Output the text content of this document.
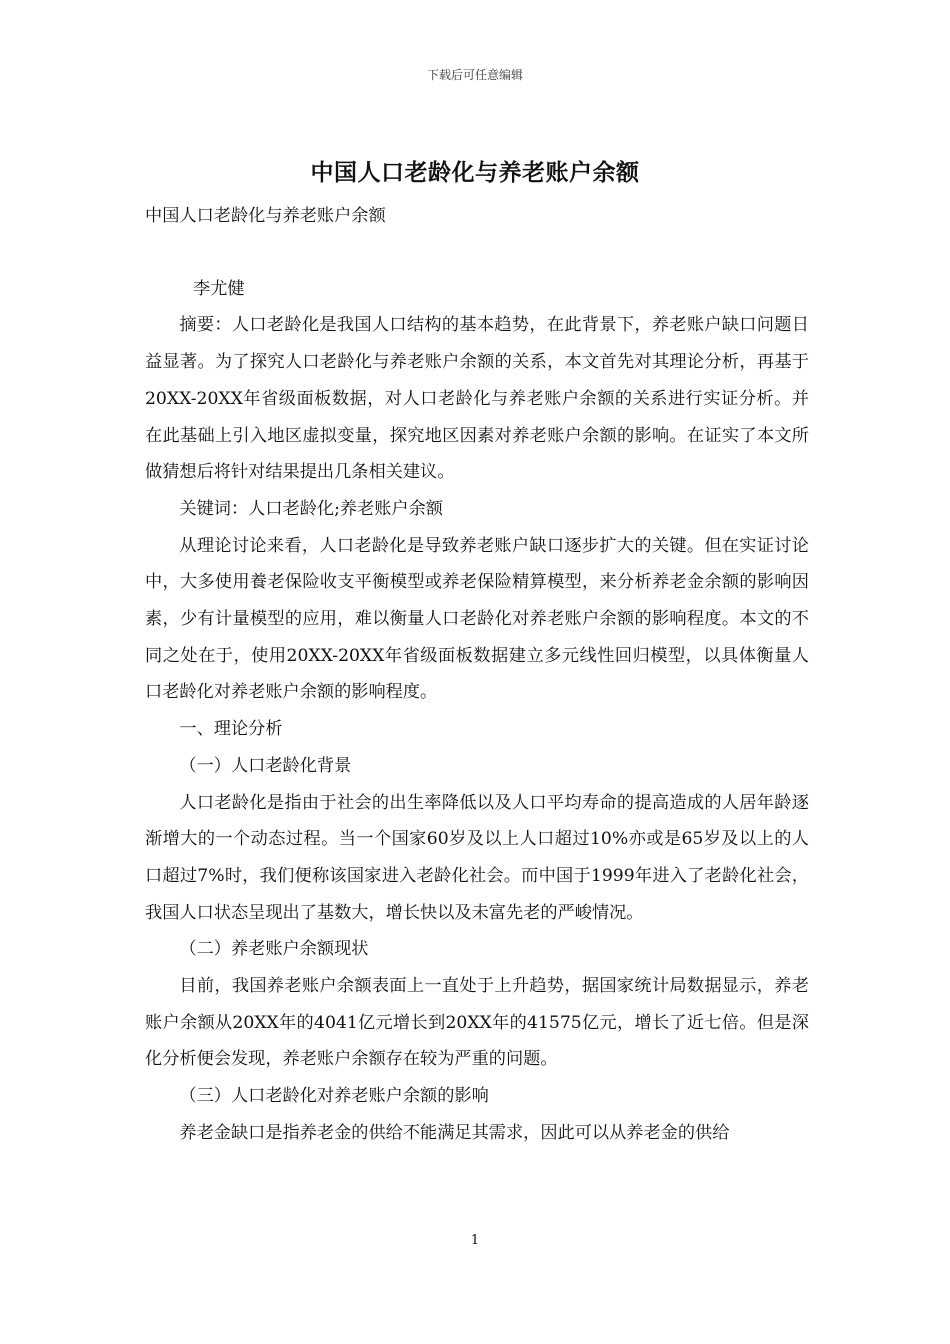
下载后可任意编辑
中国人口老龄化与养老账户余额

中国人口老龄化与养老账户余额

李尤健

摘要：人口老龄化是我国人口结构的基本趋势，在此背景下，养老账户缺口问题日益显著。为了探究人口老龄化与养老账户余额的关系，本文首先对其理论分析，再基于20XX-20XX年省级面板数据，对人口老龄化与养老账户余额的关系进行实证分析。并在此基础上引入地区虚拟变量，探究地区因素对养老账户余额的影响。在证实了本文所做猜想后将针对结果提出几条相关建议。

关键词：人口老龄化;养老账户余额

从理论讨论来看，人口老龄化是导致养老账户缺口逐步扩大的关键。但在实证讨论中，大多使用養老保险收支平衡模型或养老保险精算模型，来分析养老金余额的影响因素，少有计量模型的应用，难以衡量人口老龄化对养老账户余额的影响程度。本文的不同之处在于，使用20XX-20XX年省级面板数据建立多元线性回归模型，以具体衡量人口老龄化对养老账户余额的影响程度。

一、理论分析

（一）人口老龄化背景

人口老龄化是指由于社会的出生率降低以及人口平均寿命的提高造成的人居年龄逐渐增大的一个动态过程。当一个国家60岁及以上人口超过10%亦或是65岁及以上的人口超过7%时，我们便称该国家进入老龄化社会。而中国于1999年进入了老龄化社会，我国人口状态呈现出了基数大，增长快以及未富先老的严峻情况。

（二）养老账户余额现状

目前，我国养老账户余额表面上一直处于上升趋势，据国家统计局数据显示，养老账户余额从20XX年的4041亿元增长到20XX年的41575亿元，增长了近七倍。但是深化分析便会发现，养老账户余额存在较为严重的问题。

（三）人口老龄化对养老账户余额的影响

养老金缺口是指养老金的供给不能满足其需求，因此可以从养老金的供给

1
